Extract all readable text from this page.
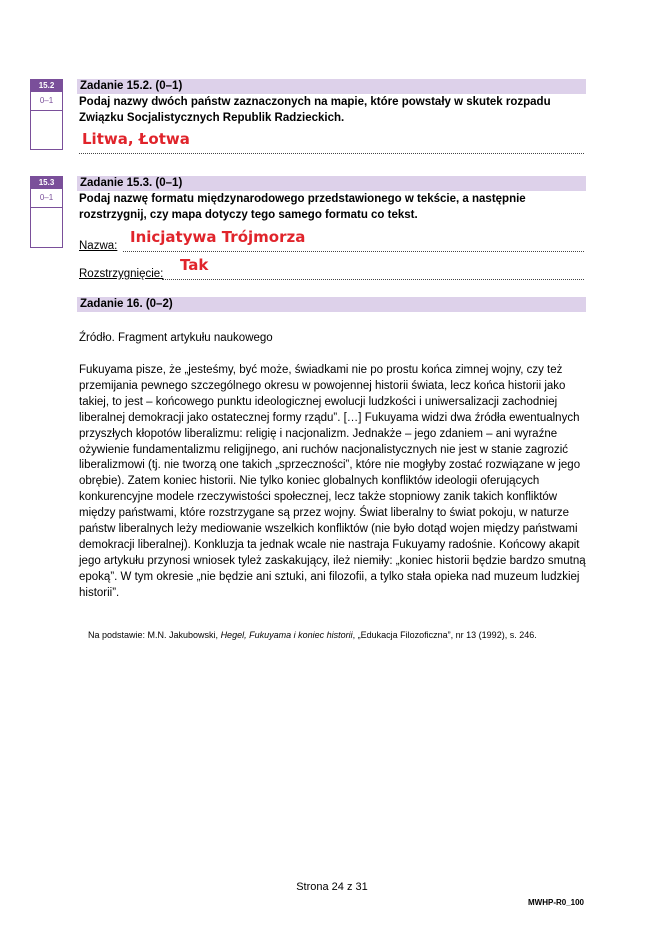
15.2
0–1
Zadanie 15.2. (0–1)
Podaj nazwy dwóch państw zaznaczonych na mapie, które powstały w skutek rozpadu Związku Socjalistycznych Republik Radzieckich.
Litwa, Łotwa
15.3
0–1
Zadanie 15.3. (0–1)
Podaj nazwę formatu międzynarodowego przedstawionego w tekście, a następnie rozstrzygnij, czy mapa dotyczy tego samego formatu co tekst.
Inicjatywa Trójmorza
Nazwa:
Tak
Rozstrzygnięcie:
Zadanie 16. (0–2)
Źródło. Fragment artykułu naukowego
Fukuyama pisze, że „jesteśmy, być może, świadkami nie po prostu końca zimnej wojny, czy też przemijania pewnego szczególnego okresu w powojennej historii świata, lecz końca historii jako takiej, to jest – końcowego punktu ideologicznej ewolucji ludzkości i uniwersalizacji zachodniej liberalnej demokracji jako ostatecznej formy rządu”. […] Fukuyama widzi dwa źródła ewentualnych przyszłych kłopotów liberalizmu: religię i nacjonalizm. Jednakże – jego zdaniem – ani wyraźne ożywienie fundamentalizmu religijnego, ani ruchów nacjonalistycznych nie jest w stanie zagrozić liberalizmowi (tj. nie tworzą one takich „sprzeczności”, które nie mogłyby zostać rozwiązane w jego obrębie). Zatem koniec historii. Nie tylko koniec globalnych konfliktów ideologii oferujących konkurencyjne modele rzeczywistości społecznej, lecz także stopniowy zanik takich konfliktów między państwami, które rozstrzygane są przez wojny. Świat liberalny to świat pokoju, w naturze państw liberalnych leży mediowanie wszelkich konfliktów (nie było dotąd wojen między państwami demokracji liberalnej). Konkluzja ta jednak wcale nie nastraja Fukuyamy radośnie. Końcowy akapit jego artykułu przynosi wniosek tyleż zaskakujący, ileż niemiły: „koniec historii będzie bardzo smutną epoką”. W tym okresie „nie będzie ani sztuki, ani filozofii, a tylko stała opieka nad muzeum ludzkiej historii”.
Na podstawie: M.N. Jakubowski, Hegel, Fukuyama i koniec historii, „Edukacja Filozoficzna”, nr 13 (1992), s. 246.
Strona 24 z 31
MWHP-R0_100
